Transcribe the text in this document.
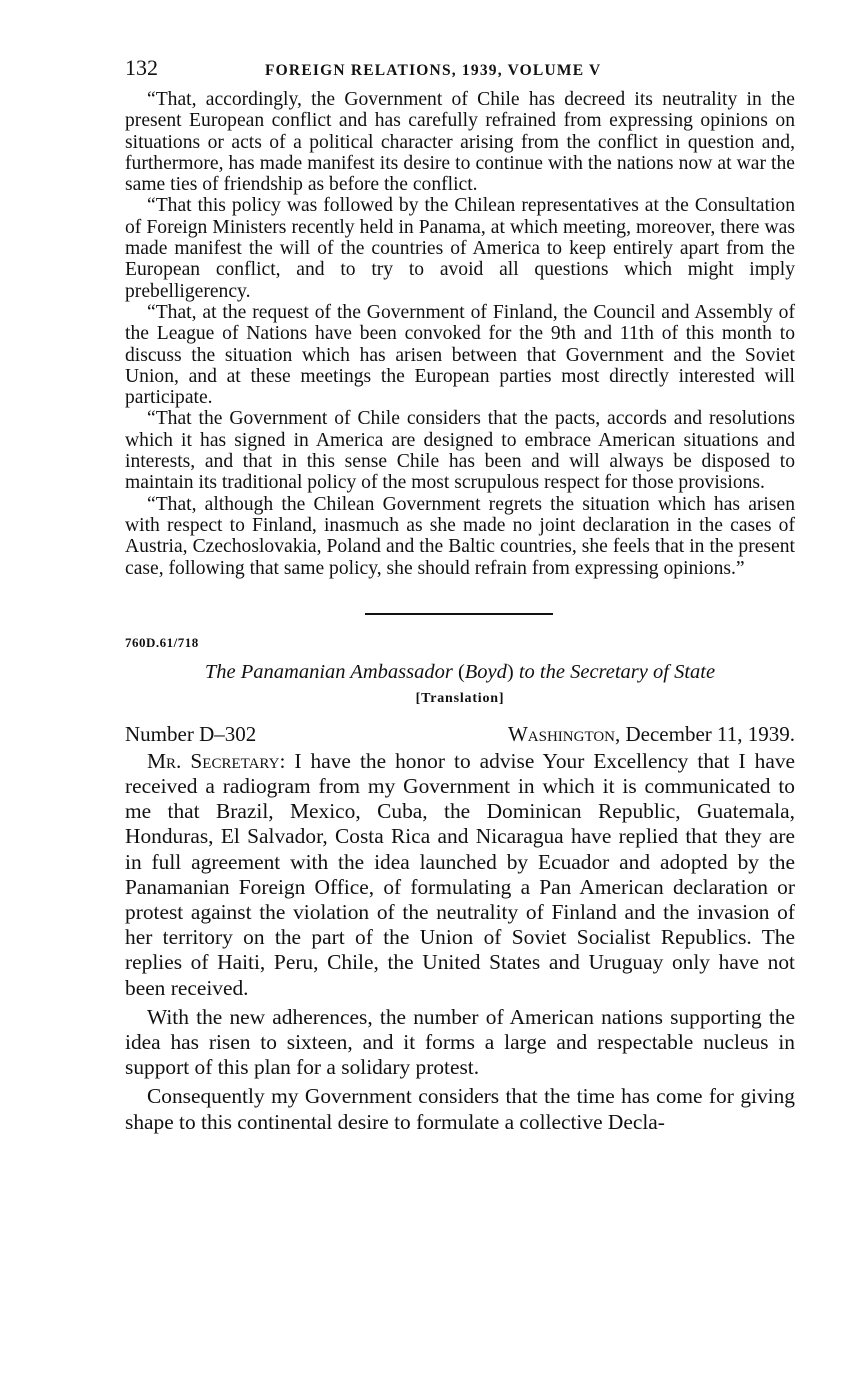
132	FOREIGN RELATIONS, 1939, VOLUME V

“That, accordingly, the Government of Chile has decreed its neutrality in the present European conflict and has carefully refrained from expressing opinions on situations or acts of a political character arising from the conflict in question and, furthermore, has made manifest its desire to continue with the nations now at war the same ties of friendship as before the conflict.

“That this policy was followed by the Chilean representatives at the Consultation of Foreign Ministers recently held in Panama, at which meeting, moreover, there was made manifest the will of the countries of America to keep entirely apart from the European conflict, and to try to avoid all questions which might imply prebelligerency.

“That, at the request of the Government of Finland, the Council and Assembly of the League of Nations have been convoked for the 9th and 11th of this month to discuss the situation which has arisen between that Government and the Soviet Union, and at these meetings the European parties most directly interested will participate.

“That the Government of Chile considers that the pacts, accords and resolutions which it has signed in America are designed to embrace American situations and interests, and that in this sense Chile has been and will always be disposed to maintain its traditional policy of the most scrupulous respect for those provisions.

“That, although the Chilean Government regrets the situation which has arisen with respect to Finland, inasmuch as she made no joint declaration in the cases of Austria, Czechoslovakia, Poland and the Baltic countries, she feels that in the present case, following that same policy, she should refrain from expressing opinions.”

760D.61/718
The Panamanian Ambassador (Boyd) to the Secretary of State
[Translation]
Number D–302	Washington, December 11, 1939.

Mr. Secretary: I have the honor to advise Your Excellency that I have received a radiogram from my Government in which it is communicated to me that Brazil, Mexico, Cuba, the Dominican Republic, Guatemala, Honduras, El Salvador, Costa Rica and Nicaragua have replied that they are in full agreement with the idea launched by Ecuador and adopted by the Panamanian Foreign Office, of formulating a Pan American declaration or protest against the violation of the neutrality of Finland and the invasion of her territory on the part of the Union of Soviet Socialist Republics. The replies of Haiti, Peru, Chile, the United States and Uruguay only have not been received.

With the new adherences, the number of American nations supporting the idea has risen to sixteen, and it forms a large and respectable nucleus in support of this plan for a solidary protest.

Consequently my Government considers that the time has come for giving shape to this continental desire to formulate a collective Decla-
